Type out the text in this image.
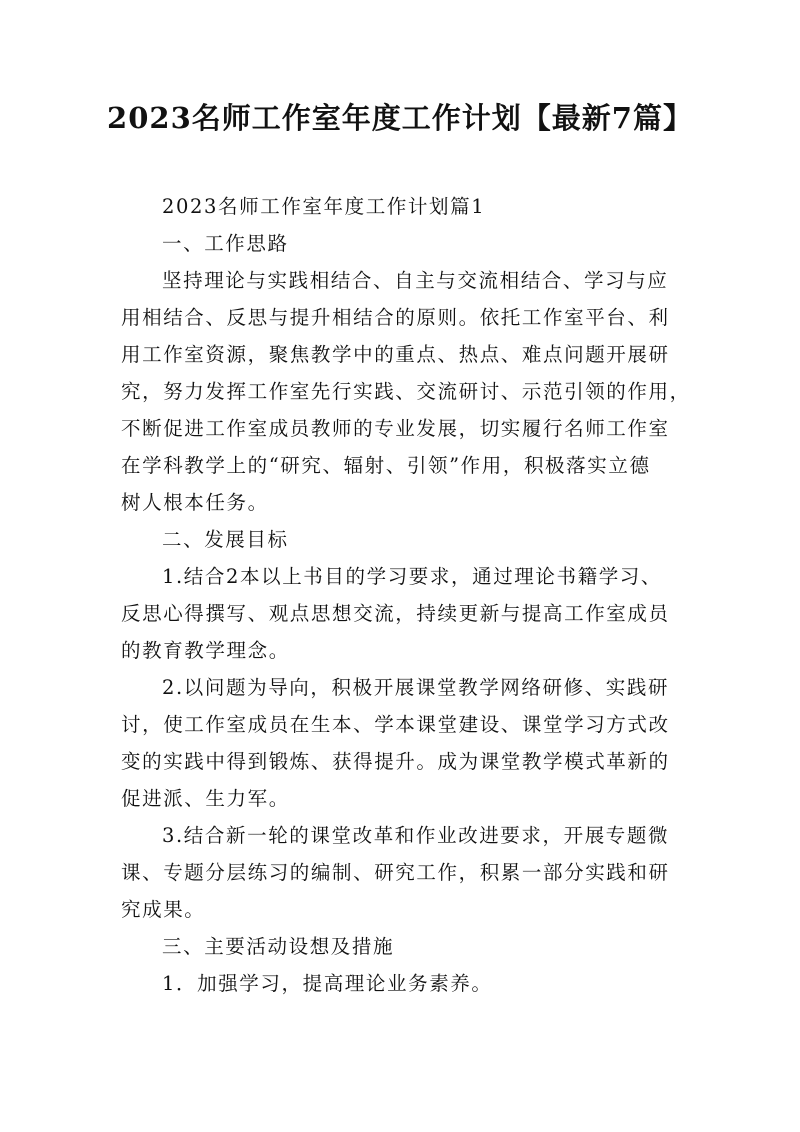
2023名师工作室年度工作计划【最新7篇】
2023名师工作室年度工作计划篇1
一、工作思路
坚持理论与实践相结合、自主与交流相结合、学习与应
用相结合、反思与提升相结合的原则。依托工作室平台、利
用工作室资源，聚焦教学中的重点、热点、难点问题开展研
究，努力发挥工作室先行实践、交流研讨、示范引领的作用，
不断促进工作室成员教师的专业发展，切实履行名师工作室
在学科教学上的“研究、辐射、引领”作用，积极落实立德
树人根本任务。
二、发展目标
1.结合2本以上书目的学习要求，通过理论书籍学习、
反思心得撰写、观点思想交流，持续更新与提高工作室成员
的教育教学理念。
2.以问题为导向，积极开展课堂教学网络研修、实践研
讨，使工作室成员在生本、学本课堂建设、课堂学习方式改
变的实践中得到锻炼、获得提升。成为课堂教学模式革新的
促进派、生力军。
3.结合新一轮的课堂改革和作业改进要求，开展专题微
课、专题分层练习的编制、研究工作，积累一部分实践和研
究成果。
三、主要活动设想及措施
1．加强学习，提高理论业务素养。
